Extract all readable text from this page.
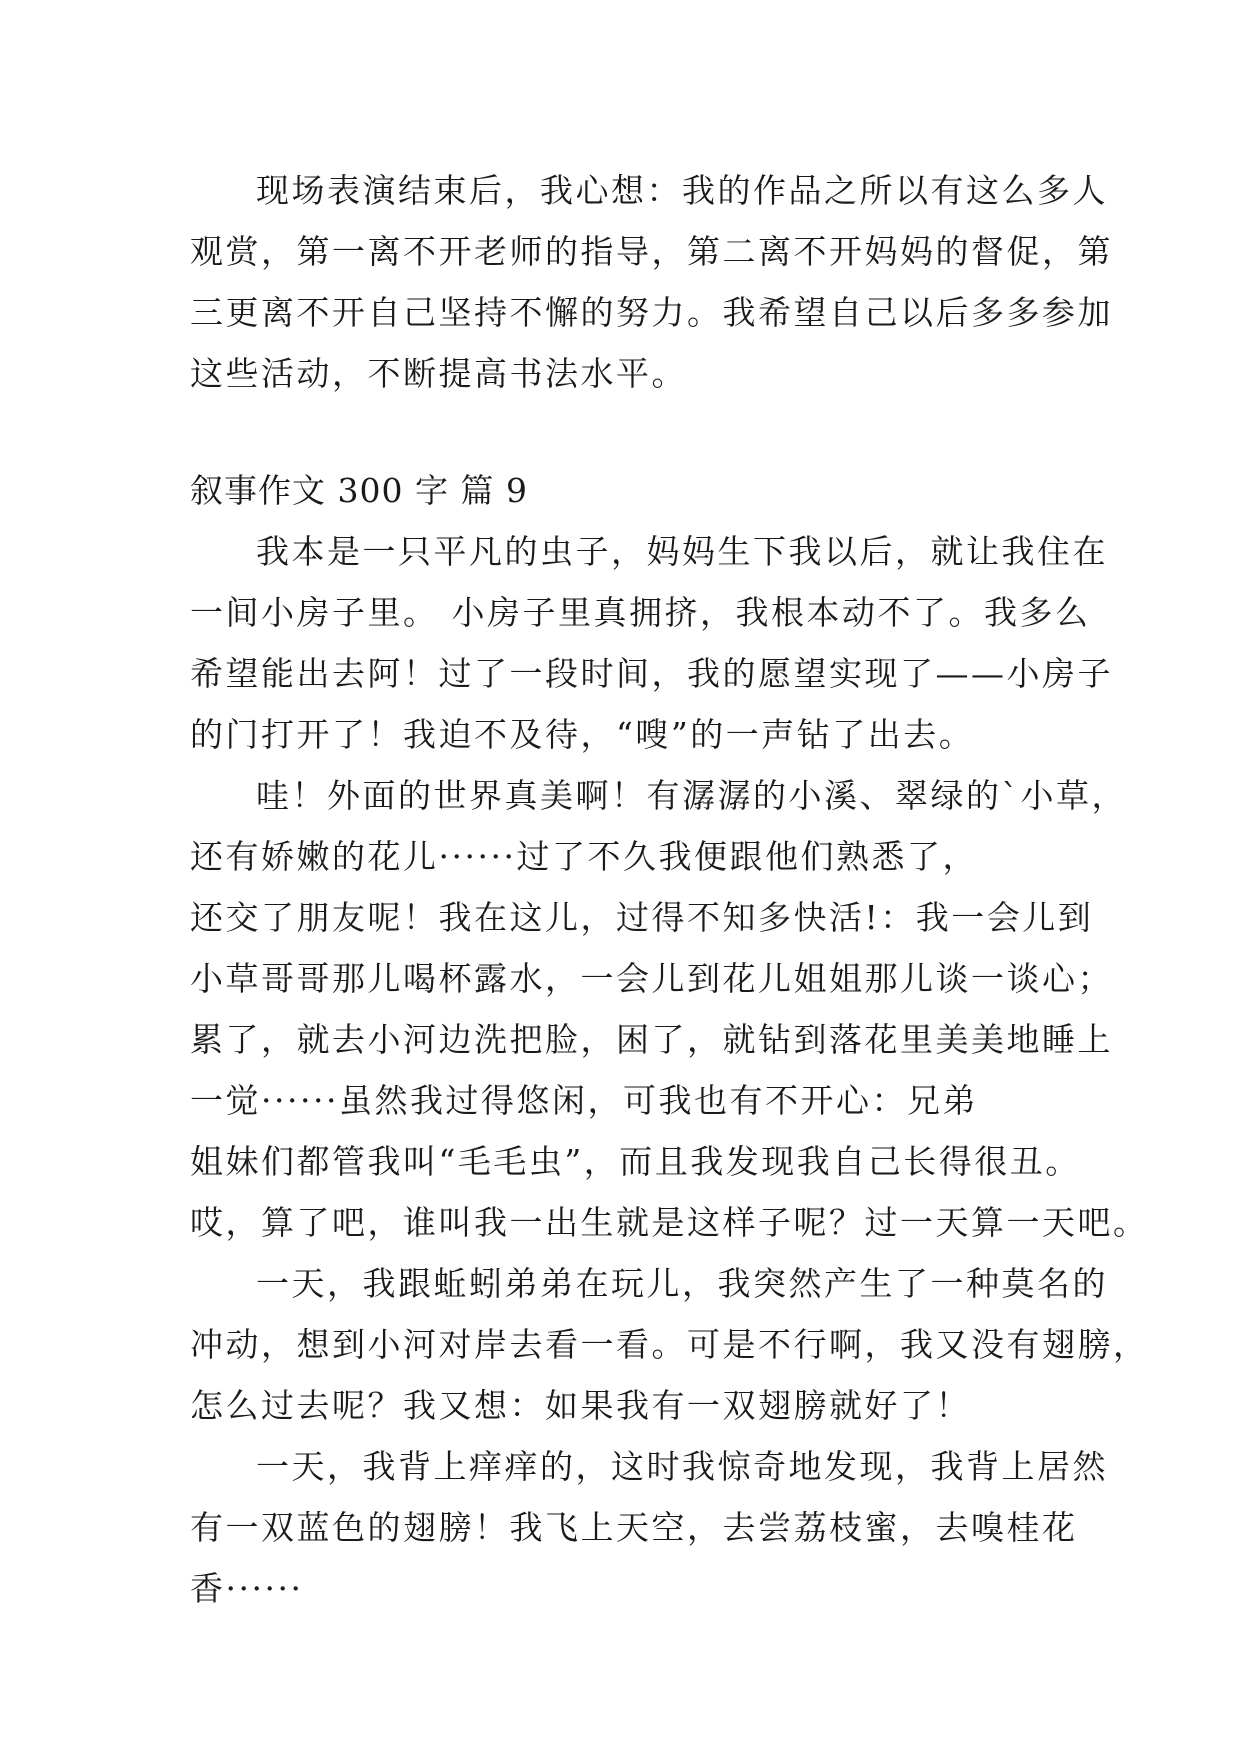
现场表演结束后，我心想：我的作品之所以有这么多人

观赏，第一离不开老师的指导，第二离不开妈妈的督促，第

三更离不开自己坚持不懈的努力。我希望自己以后多多参加

这些活动，不断提高书法水平。

叙事作文 300 字 篇 9

我本是一只平凡的虫子，妈妈生下我以后，就让我住在

一间小房子里。 小房子里真拥挤，我根本动不了。我多么

希望能出去阿！过了一段时间，我的愿望实现了——小房子

的门打开了！我迫不及待，“嗖”的一声钻了出去。

哇！外面的世界真美啊！有潺潺的小溪、翠绿的`小草，

还有娇嫩的花儿······过了不久我便跟他们熟悉了，

还交了朋友呢！我在这儿，过得不知多快活!：我一会儿到

小草哥哥那儿喝杯露水，一会儿到花儿姐姐那儿谈一谈心；

累了，就去小河边洗把脸，困了，就钻到落花里美美地睡上

一觉······虽然我过得悠闲，可我也有不开心：兄弟

姐妹们都管我叫“毛毛虫”，而且我发现我自己长得很丑。

哎，算了吧，谁叫我一出生就是这样子呢？过一天算一天吧。

一天，我跟蚯蚓弟弟在玩儿，我突然产生了一种莫名的

冲动，想到小河对岸去看一看。可是不行啊，我又没有翅膀，

怎么过去呢？我又想：如果我有一双翅膀就好了！

一天，我背上痒痒的，这时我惊奇地发现，我背上居然

有一双蓝色的翅膀！我飞上天空，去尝荔枝蜜，去嗅桂花

香······
